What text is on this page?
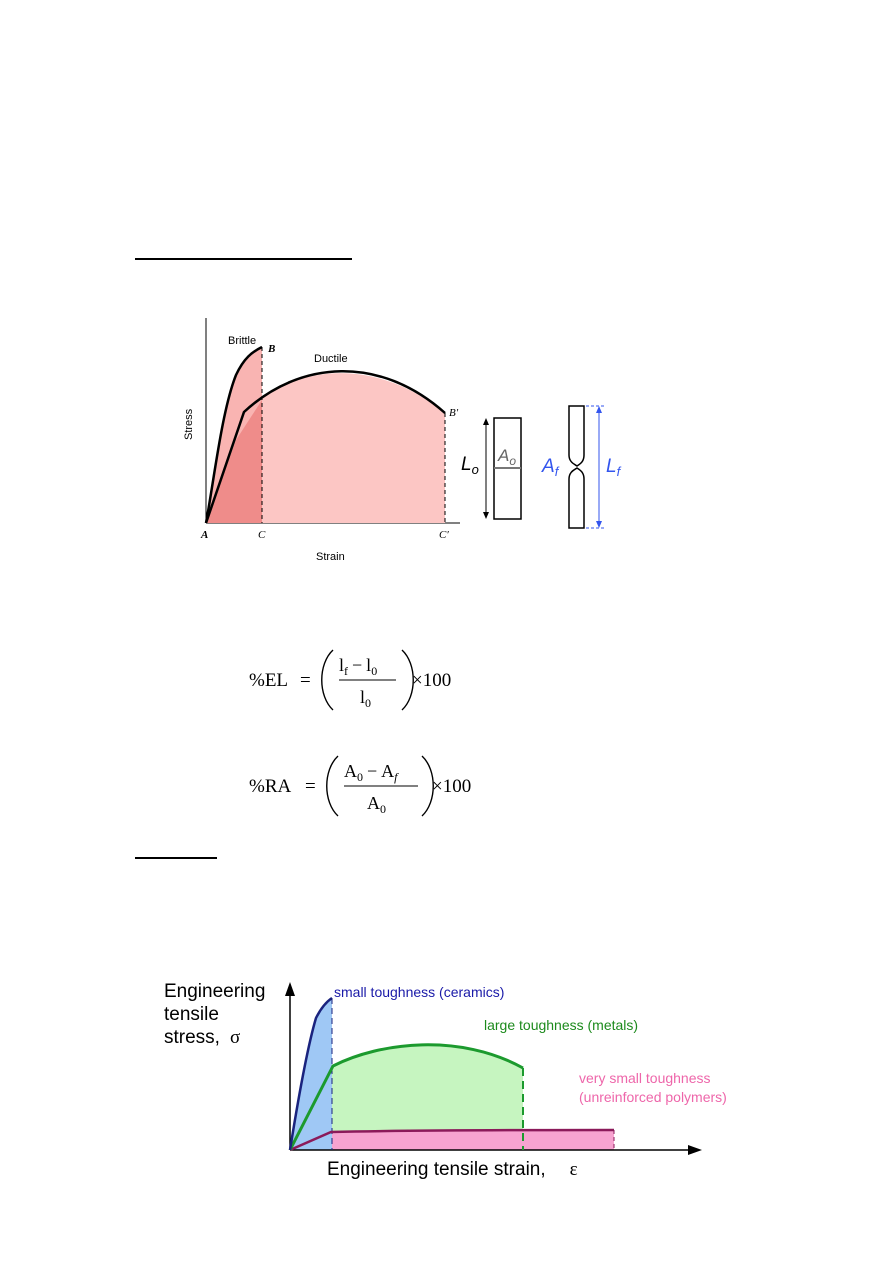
Brittle
Ductile
B
B′
A	C	C′
Strain
Stress
$L_o$
$A_o$ $A_f$	$L_f$
%EL =
$l_f - l_0$
$l_0$
×100
%RA =
$A_0 - A_f$
$A_0$
×100
Engineering
tensile
stress, σ
Engineering tensile strain, ε
small toughness (ceramics)
large toughness (metals)
very small toughness
(unreinforced polymers)
